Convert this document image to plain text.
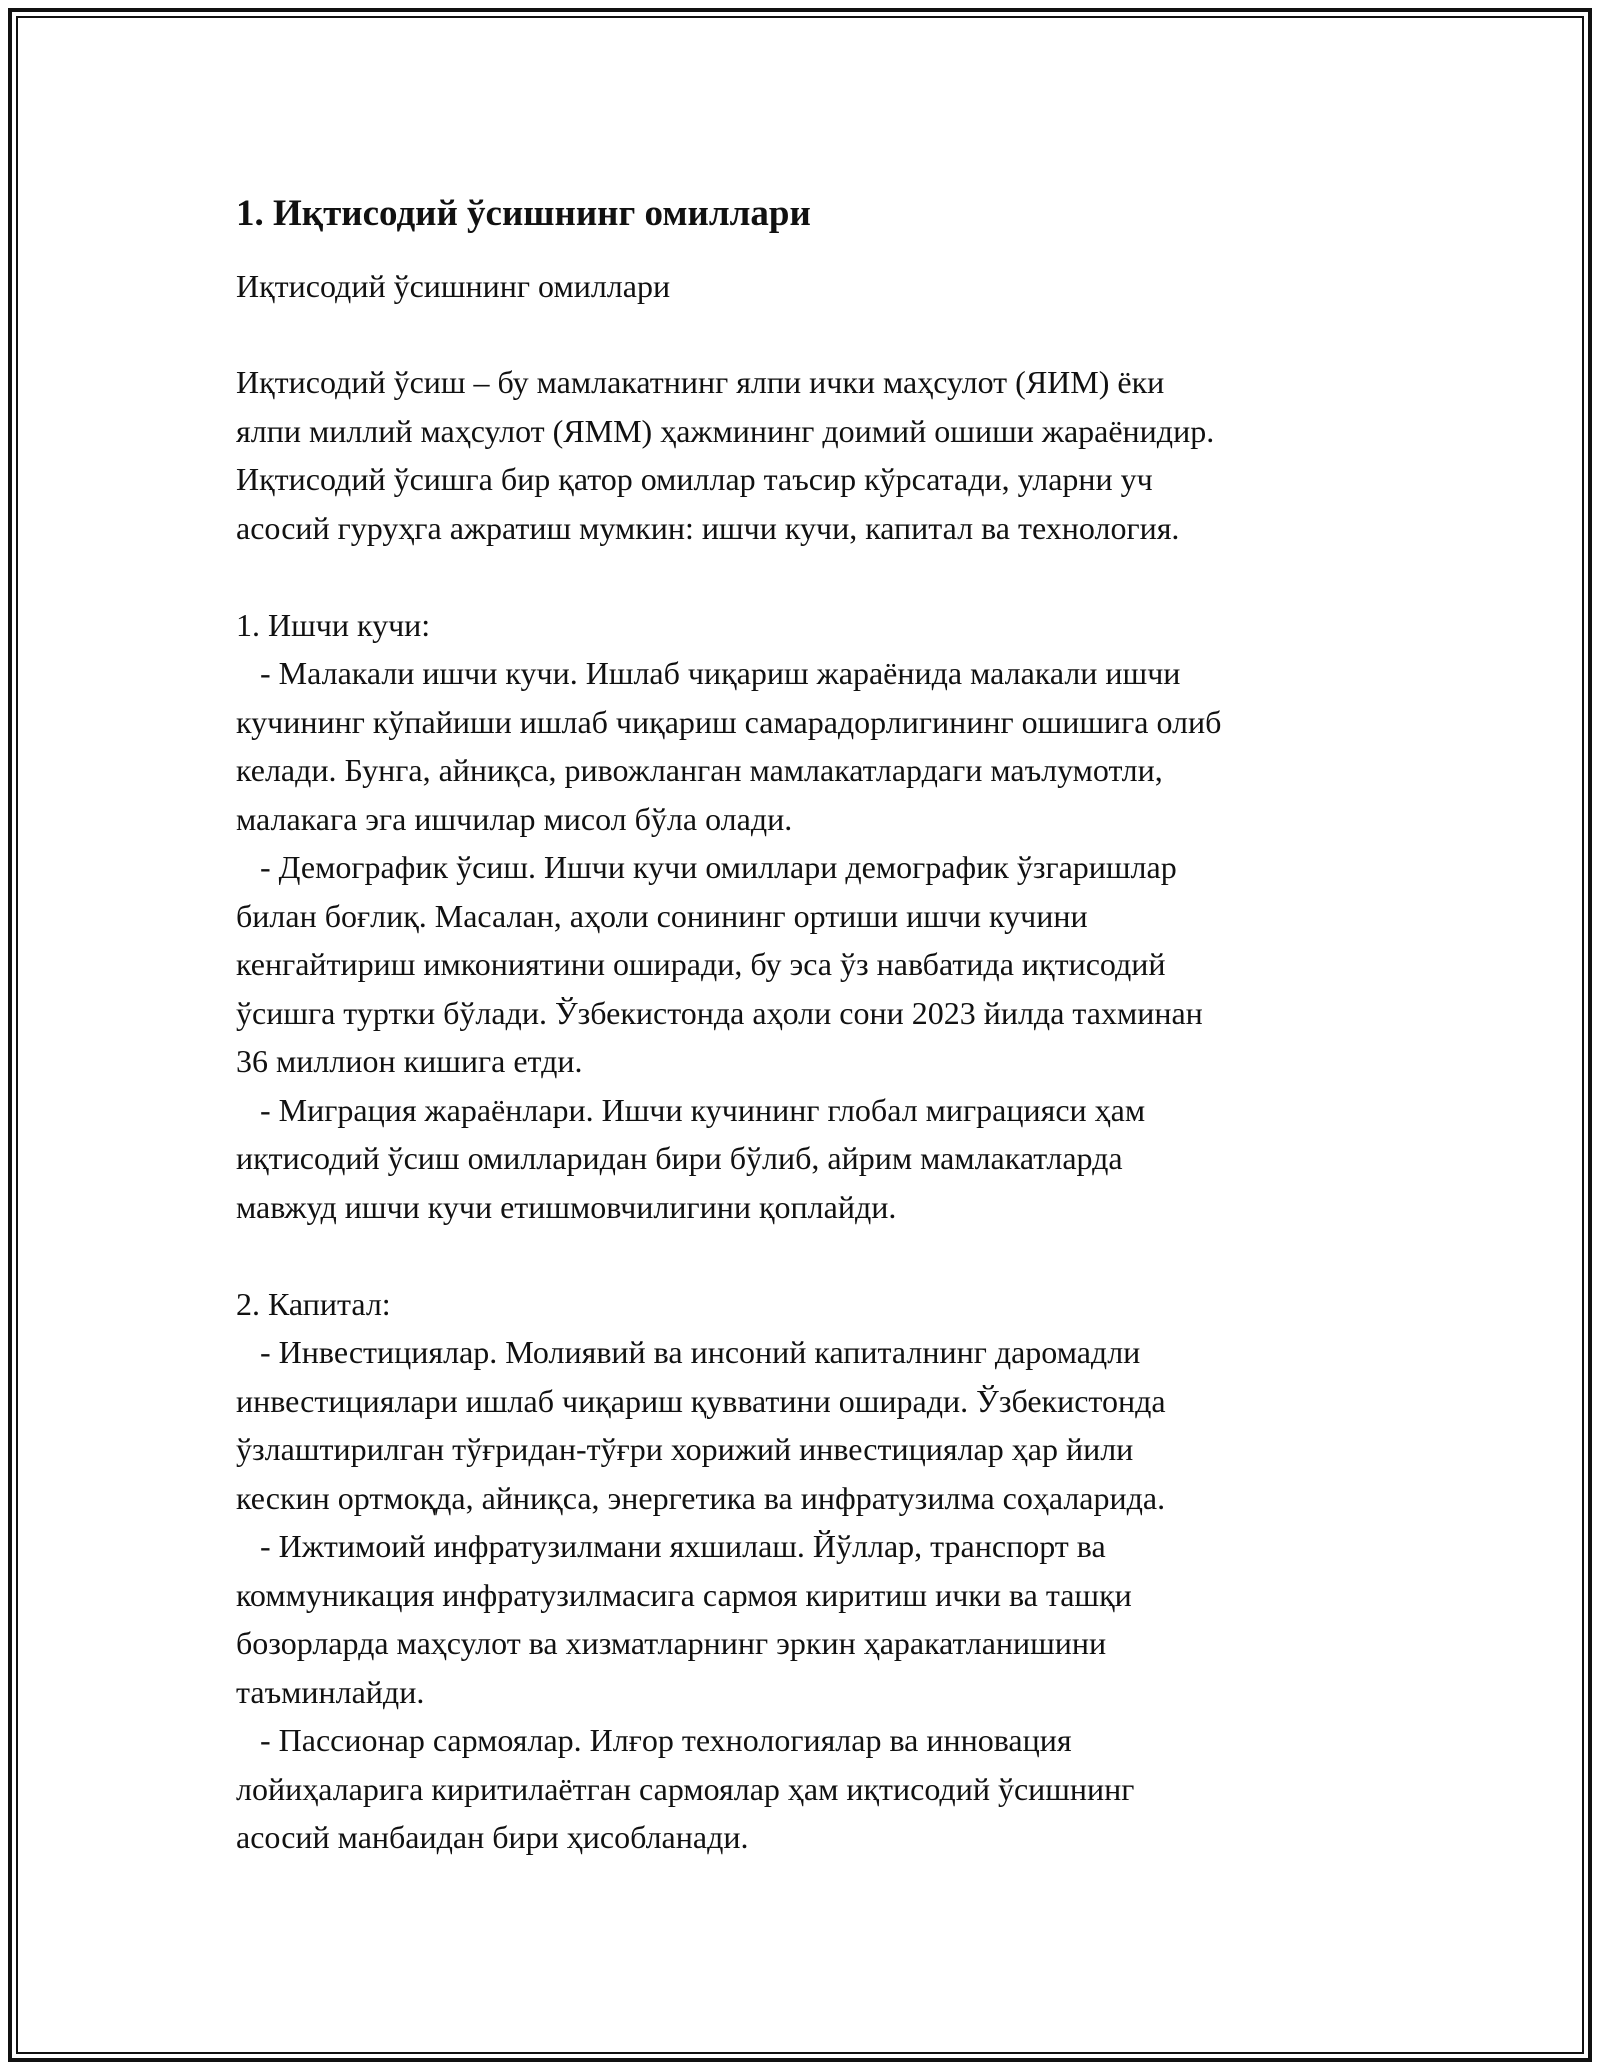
1. Иқтисодий ўсишнинг омиллари

Иқтисодий ўсишнинг омиллари

Иқтисодий ўсиш – бу мамлакатнинг ялпи ички маҳсулот (ЯИМ) ёки

ялпи миллий маҳсулот (ЯММ) ҳажмининг доимий ошиши жараёнидир.

Иқтисодий ўсишга бир қатор омиллар таъсир кўрсатади, уларни уч

асосий гуруҳга ажратиш мумкин: ишчи кучи, капитал ва технология.

1. Ишчи кучи:

- Малакали ишчи кучи. Ишлаб чиқариш жараёнида малакали ишчи

кучининг кўпайиши ишлаб чиқариш самарадорлигининг ошишига олиб

келади. Бунга, айниқса, ривожланган мамлакатлардаги маълумотли,

малакага эга ишчилар мисол бўла олади.

- Демографик ўсиш. Ишчи кучи омиллари демографик ўзгаришлар

билан боғлиқ. Масалан, аҳоли сонининг ортиши ишчи кучини

кенгайтириш имкониятини оширади, бу эса ўз навбатида иқтисодий

ўсишга туртки бўлади. Ўзбекистонда аҳоли сони 2023 йилда тахминан

36 миллион кишига етди.

- Миграция жараёнлари. Ишчи кучининг глобал миграцияси ҳам

иқтисодий ўсиш омилларидан бири бўлиб, айрим мамлакатларда

мавжуд ишчи кучи етишмовчилигини қоплайди.

2. Капитал:

- Инвестициялар. Молиявий ва инсоний капиталнинг даромадли

инвестициялари ишлаб чиқариш қувватини оширади. Ўзбекистонда

ўзлаштирилган тўғридан-тўғри хорижий инвестициялар ҳар йили

кескин ортмоқда, айниқса, энергетика ва инфратузилма соҳаларида.

- Ижтимоий инфратузилмани яхшилаш. Йўллар, транспорт ва

коммуникация инфратузилмасига сармоя киритиш ички ва ташқи

бозорларда маҳсулот ва хизматларнинг эркин ҳаракатланишини

таъминлайди.

- Пассионар сармоялар. Илғор технологиялар ва инновация

лойиҳаларига киритилаётган сармоялар ҳам иқтисодий ўсишнинг

асосий манбаидан бири ҳисобланади.
